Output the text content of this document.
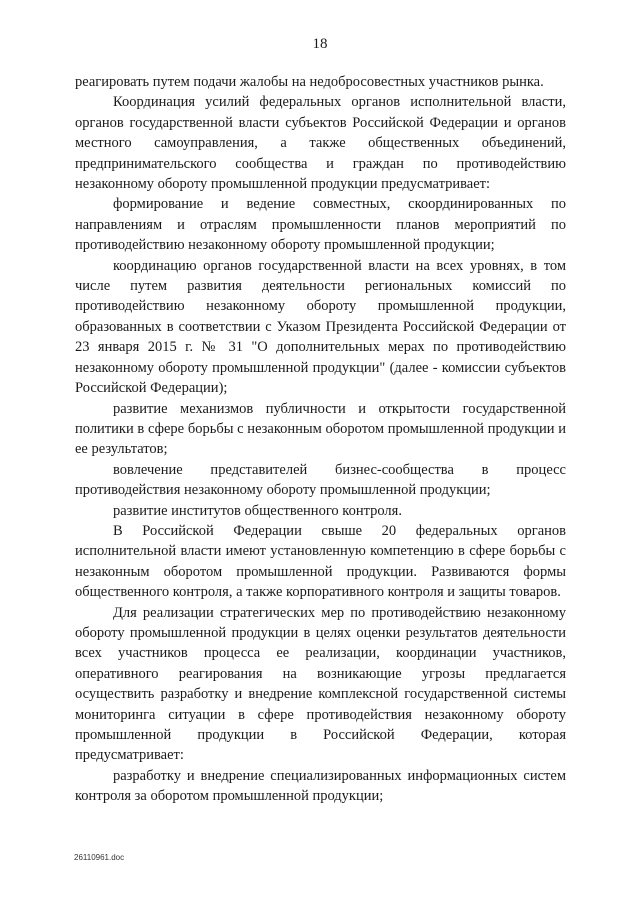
18

реагировать путем подачи жалобы на недобросовестных участников рынка.

Координация усилий федеральных органов исполнительной власти, органов государственной власти субъектов Российской Федерации и органов местного самоуправления, а также общественных объединений, предпринимательского сообщества и граждан по противодействию незаконному обороту промышленной продукции предусматривает:

формирование и ведение совместных, скоординированных по направлениям и отраслям промышленности планов мероприятий по противодействию незаконному обороту промышленной продукции;

координацию органов государственной власти на всех уровнях, в том числе путем развития деятельности региональных комиссий по противодействию незаконному обороту промышленной продукции, образованных в соответствии с Указом Президента Российской Федерации от 23 января 2015 г. № 31 "О дополнительных мерах по противодействию незаконному обороту промышленной продукции" (далее - комиссии субъектов Российской Федерации);

развитие механизмов публичности и открытости государственной политики в сфере борьбы с незаконным оборотом промышленной продукции и ее результатов;

вовлечение представителей бизнес-сообщества в процесс противодействия незаконному обороту промышленной продукции;

развитие институтов общественного контроля.

В Российской Федерации свыше 20 федеральных органов исполнительной власти имеют установленную компетенцию в сфере борьбы с незаконным оборотом промышленной продукции. Развиваются формы общественного контроля, а также корпоративного контроля и защиты товаров.

Для реализации стратегических мер по противодействию незаконному обороту промышленной продукции в целях оценки результатов деятельности всех участников процесса ее реализации, координации участников, оперативного реагирования на возникающие угрозы предлагается осуществить разработку и внедрение комплексной государственной системы мониторинга ситуации в сфере противодействия незаконному обороту промышленной продукции в Российской Федерации, которая предусматривает:

разработку и внедрение специализированных информационных систем контроля за оборотом промышленной продукции;

26110961.doc
